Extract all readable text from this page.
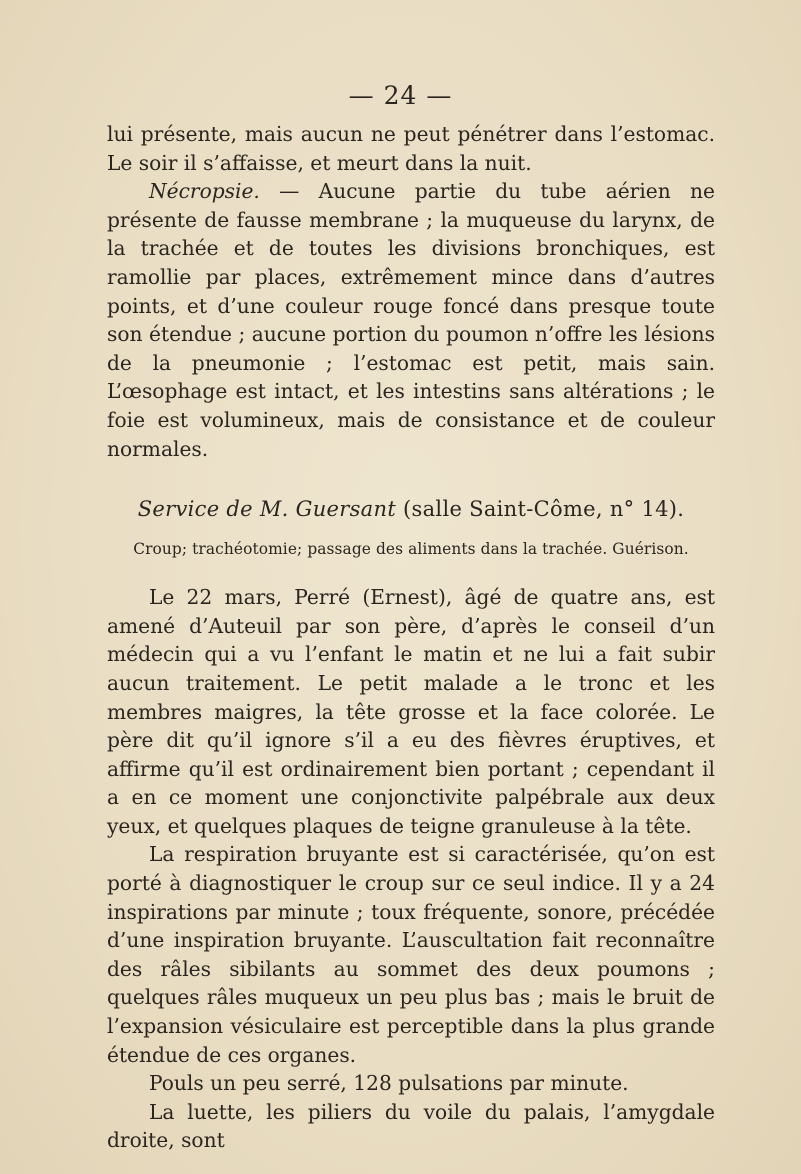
— 24 —

lui présente, mais aucun ne peut pénétrer dans l’estomac. Le soir il s’affaisse, et meurt dans la nuit.

Nécropsie. — Aucune partie du tube aérien ne présente de fausse membrane ; la muqueuse du larynx, de la trachée et de toutes les divisions bronchiques, est ramollie par places, extrêmement mince dans d’autres points, et d’une couleur rouge foncé dans presque toute son étendue ; aucune portion du poumon n’offre les lésions de la pneumonie ; l’estomac est petit, mais sain. L’œsophage est intact, et les intestins sans altérations ; le foie est volumineux, mais de consistance et de couleur normales.

Service de M. Guersant (salle Saint-Côme, n° 14).
Croup; trachéotomie; passage des aliments dans la trachée. Guérison.

Le 22 mars, Perré (Ernest), âgé de quatre ans, est amené d’Auteuil par son père, d’après le conseil d’un médecin qui a vu l’enfant le matin et ne lui a fait subir aucun traitement. Le petit malade a le tronc et les membres maigres, la tête grosse et la face colorée. Le père dit qu’il ignore s’il a eu des fièvres éruptives, et affirme qu’il est ordinairement bien portant ; cependant il a en ce moment une conjonctivite palpébrale aux deux yeux, et quelques plaques de teigne granuleuse à la tête.

La respiration bruyante est si caractérisée, qu’on est porté à diagnostiquer le croup sur ce seul indice. Il y a 24 inspirations par minute ; toux fréquente, sonore, précédée d’une inspiration bruyante. L’auscultation fait reconnaître des râles sibilants au sommet des deux poumons ; quelques râles muqueux un peu plus bas ; mais le bruit de l’expansion vésiculaire est perceptible dans la plus grande étendue de ces organes.

Pouls un peu serré, 128 pulsations par minute.

La luette, les piliers du voile du palais, l’amygdale droite, sont
